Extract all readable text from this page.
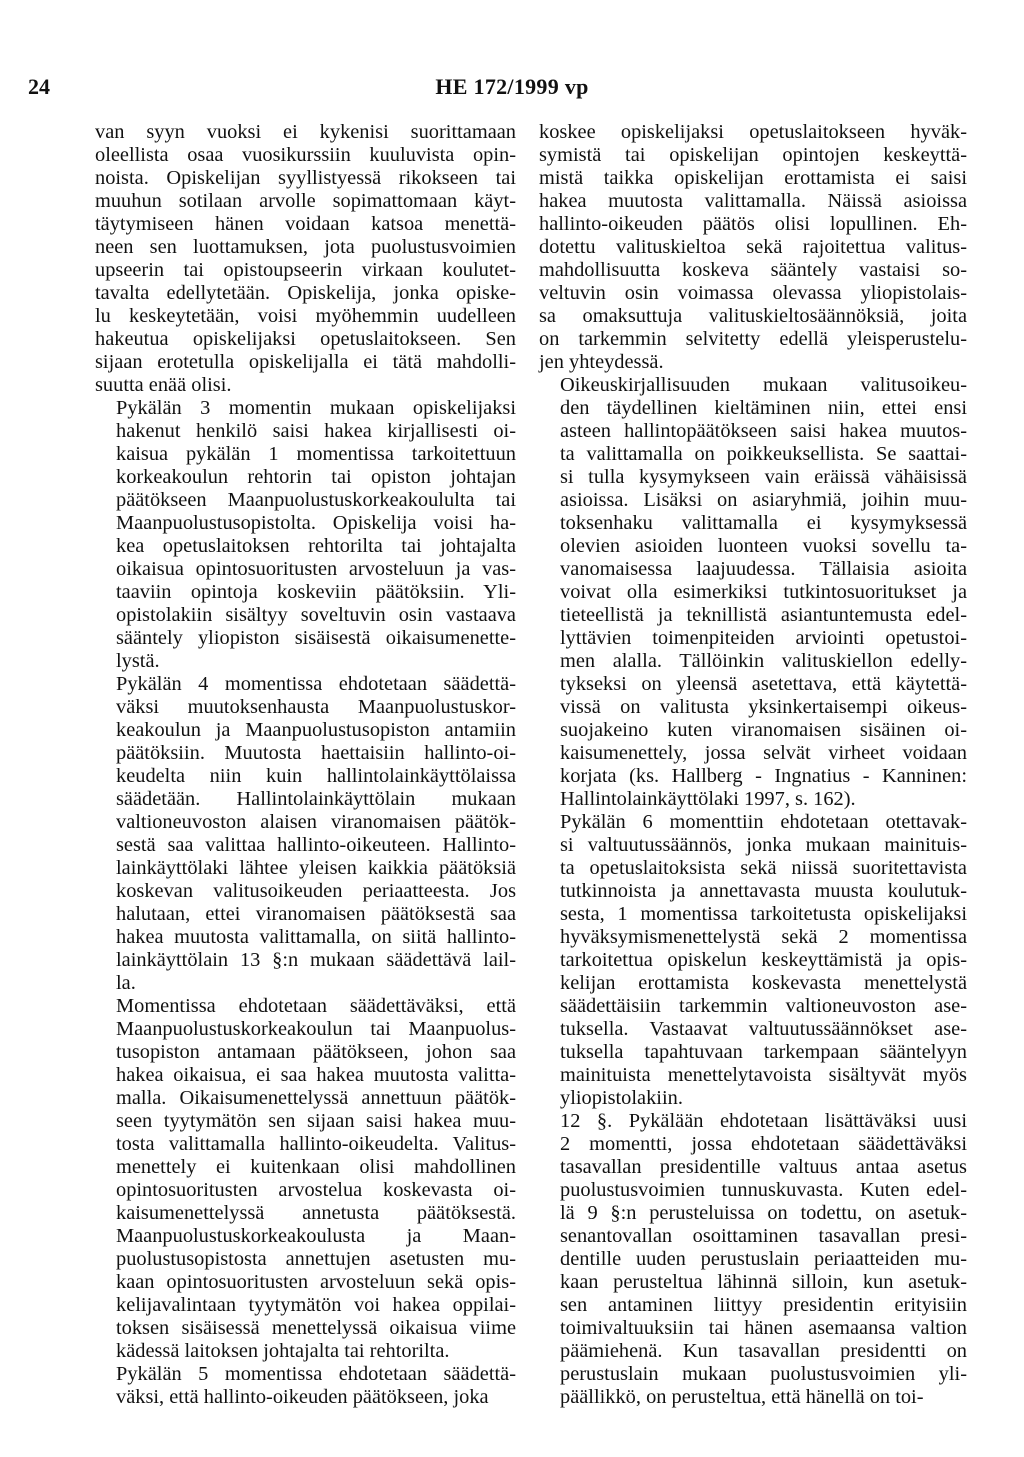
24	HE 172/1999 vp
van syyn vuoksi ei kykenisi suorittamaan
oleellista osaa vuosikurssiin kuuluvista opin-
noista. Opiskelijan syyllistyessä rikokseen tai
muuhun sotilaan arvolle sopimattomaan käyt-
täytymiseen hänen voidaan katsoa menettä-
neen sen luottamuksen, jota puolustusvoimien
upseerin tai opistoupseerin virkaan koulutet-
tavalta edellytetään. Opiskelija, jonka opiske-
lu keskeytetään, voisi myöhemmin uudelleen
hakeutua opiskelijaksi opetuslaitokseen. Sen
sijaan erotetulla opiskelijalla ei tätä mahdolli-
suutta enää olisi.
Pykälän 3 momentin mukaan opiskelijaksi
hakenut henkilö saisi hakea kirjallisesti oi-
kaisua pykälän 1 momentissa tarkoitettuun
korkeakoulun rehtorin tai opiston johtajan
päätökseen Maanpuolustuskorkeakoululta tai
Maanpuolustusopistolta. Opiskelija voisi ha-
kea opetuslaitoksen rehtorilta tai johtajalta
oikaisua opintosuoritusten arvosteluun ja vas-
taaviin opintoja koskeviin päätöksiin. Yli-
opistolakiin sisältyy soveltuvin osin vastaava
sääntely yliopiston sisäisestä oikaisumenette-
lystä.
Pykälän 4 momentissa ehdotetaan säädettä-
väksi muutoksenhausta Maanpuolustuskor-
keakoulun ja Maanpuolustusopiston antamiin
päätöksiin. Muutosta haettaisiin hallinto-oi-
keudelta niin kuin hallintolainkäyttölaissa
säädetään. Hallintolainkäyttölain mukaan
valtioneuvoston alaisen viranomaisen päätök-
sestä saa valittaa hallinto-oikeuteen. Hallinto-
lainkäyttölaki lähtee yleisen kaikkia päätöksiä
koskevan valitusoikeuden periaatteesta. Jos
halutaan, ettei viranomaisen päätöksestä saa
hakea muutosta valittamalla, on siitä hallinto-
lainkäyttölain 13 §:n mukaan säädettävä lail-
la.
Momentissa ehdotetaan säädettäväksi, että
Maanpuolustuskorkeakoulun tai Maanpuolus-
tusopiston antamaan päätökseen, johon saa
hakea oikaisua, ei saa hakea muutosta valitta-
malla. Oikaisumenettelyssä annettuun päätök-
seen tyytymätön sen sijaan saisi hakea muu-
tosta valittamalla hallinto-oikeudelta. Valitus-
menettely ei kuitenkaan olisi mahdollinen
opintosuoritusten arvostelua koskevasta oi-
kaisumenettelyssä annetusta päätöksestä.
Maanpuolustuskorkeakoulusta ja Maan-
puolustusopistosta annettujen asetusten mu-
kaan opintosuoritusten arvosteluun sekä opis-
kelijavalintaan tyytymätön voi hakea oppilai-
toksen sisäisessä menettelyssä oikaisua viime
kädessä laitoksen johtajalta tai rehtorilta.
Pykälän 5 momentissa ehdotetaan säädettä-
väksi, että hallinto-oikeuden päätökseen, joka
koskee opiskelijaksi opetuslaitokseen hyväk-
symistä tai opiskelijan opintojen keskeyttä-
mistä taikka opiskelijan erottamista ei saisi
hakea muutosta valittamalla. Näissä asioissa
hallinto-oikeuden päätös olisi lopullinen. Eh-
dotettu valituskieltoa sekä rajoitettua valitus-
mahdollisuutta koskeva sääntely vastaisi so-
veltuvin osin voimassa olevassa yliopistolais-
sa omaksuttuja valituskieltosäännöksiä, joita
on tarkemmin selvitetty edellä yleisperustelu-
jen yhteydessä.
Oikeuskirjallisuuden mukaan valitusoikeu-
den täydellinen kieltäminen niin, ettei ensi
asteen hallintopäätökseen saisi hakea muutos-
ta valittamalla on poikkeuksellista. Se saattai-
si tulla kysymykseen vain eräissä vähäisissä
asioissa. Lisäksi on asiaryhmiä, joihin muu-
toksenhaku valittamalla ei kysymyksessä
olevien asioiden luonteen vuoksi sovellu ta-
vanomaisessa laajuudessa. Tällaisia asioita
voivat olla esimerkiksi tutkintosuoritukset ja
tieteellistä ja teknillistä asiantuntemusta edel-
lyttävien toimenpiteiden arviointi opetustoi-
men alalla. Tällöinkin valituskiellon edelly-
tykseksi on yleensä asetettava, että käytettä-
vissä on valitusta yksinkertaisempi oikeus-
suojakeino kuten viranomaisen sisäinen oi-
kaisumenettely, jossa selvät virheet voidaan
korjata (ks. Hallberg - Ingnatius - Kanninen:
Hallintolainkäyttölaki 1997, s. 162).
Pykälän 6 momenttiin ehdotetaan otettavak-
si valtuutussäännös, jonka mukaan mainituis-
ta opetuslaitoksista sekä niissä suoritettavista
tutkinnoista ja annettavasta muusta koulutuk-
sesta, 1 momentissa tarkoitetusta opiskelijaksi
hyväksymismenettelystä sekä 2 momentissa
tarkoitettua opiskelun keskeyttämistä ja opis-
kelijan erottamista koskevasta menettelystä
säädettäisiin tarkemmin valtioneuvoston ase-
tuksella. Vastaavat valtuutussäännökset ase-
tuksella tapahtuvaan tarkempaan sääntelyyn
mainituista menettelytavoista sisältyvät myös
yliopistolakiin.
12 §. Pykälään ehdotetaan lisättäväksi uusi
2 momentti, jossa ehdotetaan säädettäväksi
tasavallan presidentille valtuus antaa asetus
puolustusvoimien tunnuskuvasta. Kuten edel-
lä 9 §:n perusteluissa on todettu, on asetuk-
senantovallan osoittaminen tasavallan presi-
dentille uuden perustuslain periaatteiden mu-
kaan perusteltua lähinnä silloin, kun asetuk-
sen antaminen liittyy presidentin erityisiin
toimivaltuuksiin tai hänen asemaansa valtion
päämiehenä. Kun tasavallan presidentti on
perustuslain mukaan puolustusvoimien yli-
päällikkö, on perusteltua, että hänellä on toi-
